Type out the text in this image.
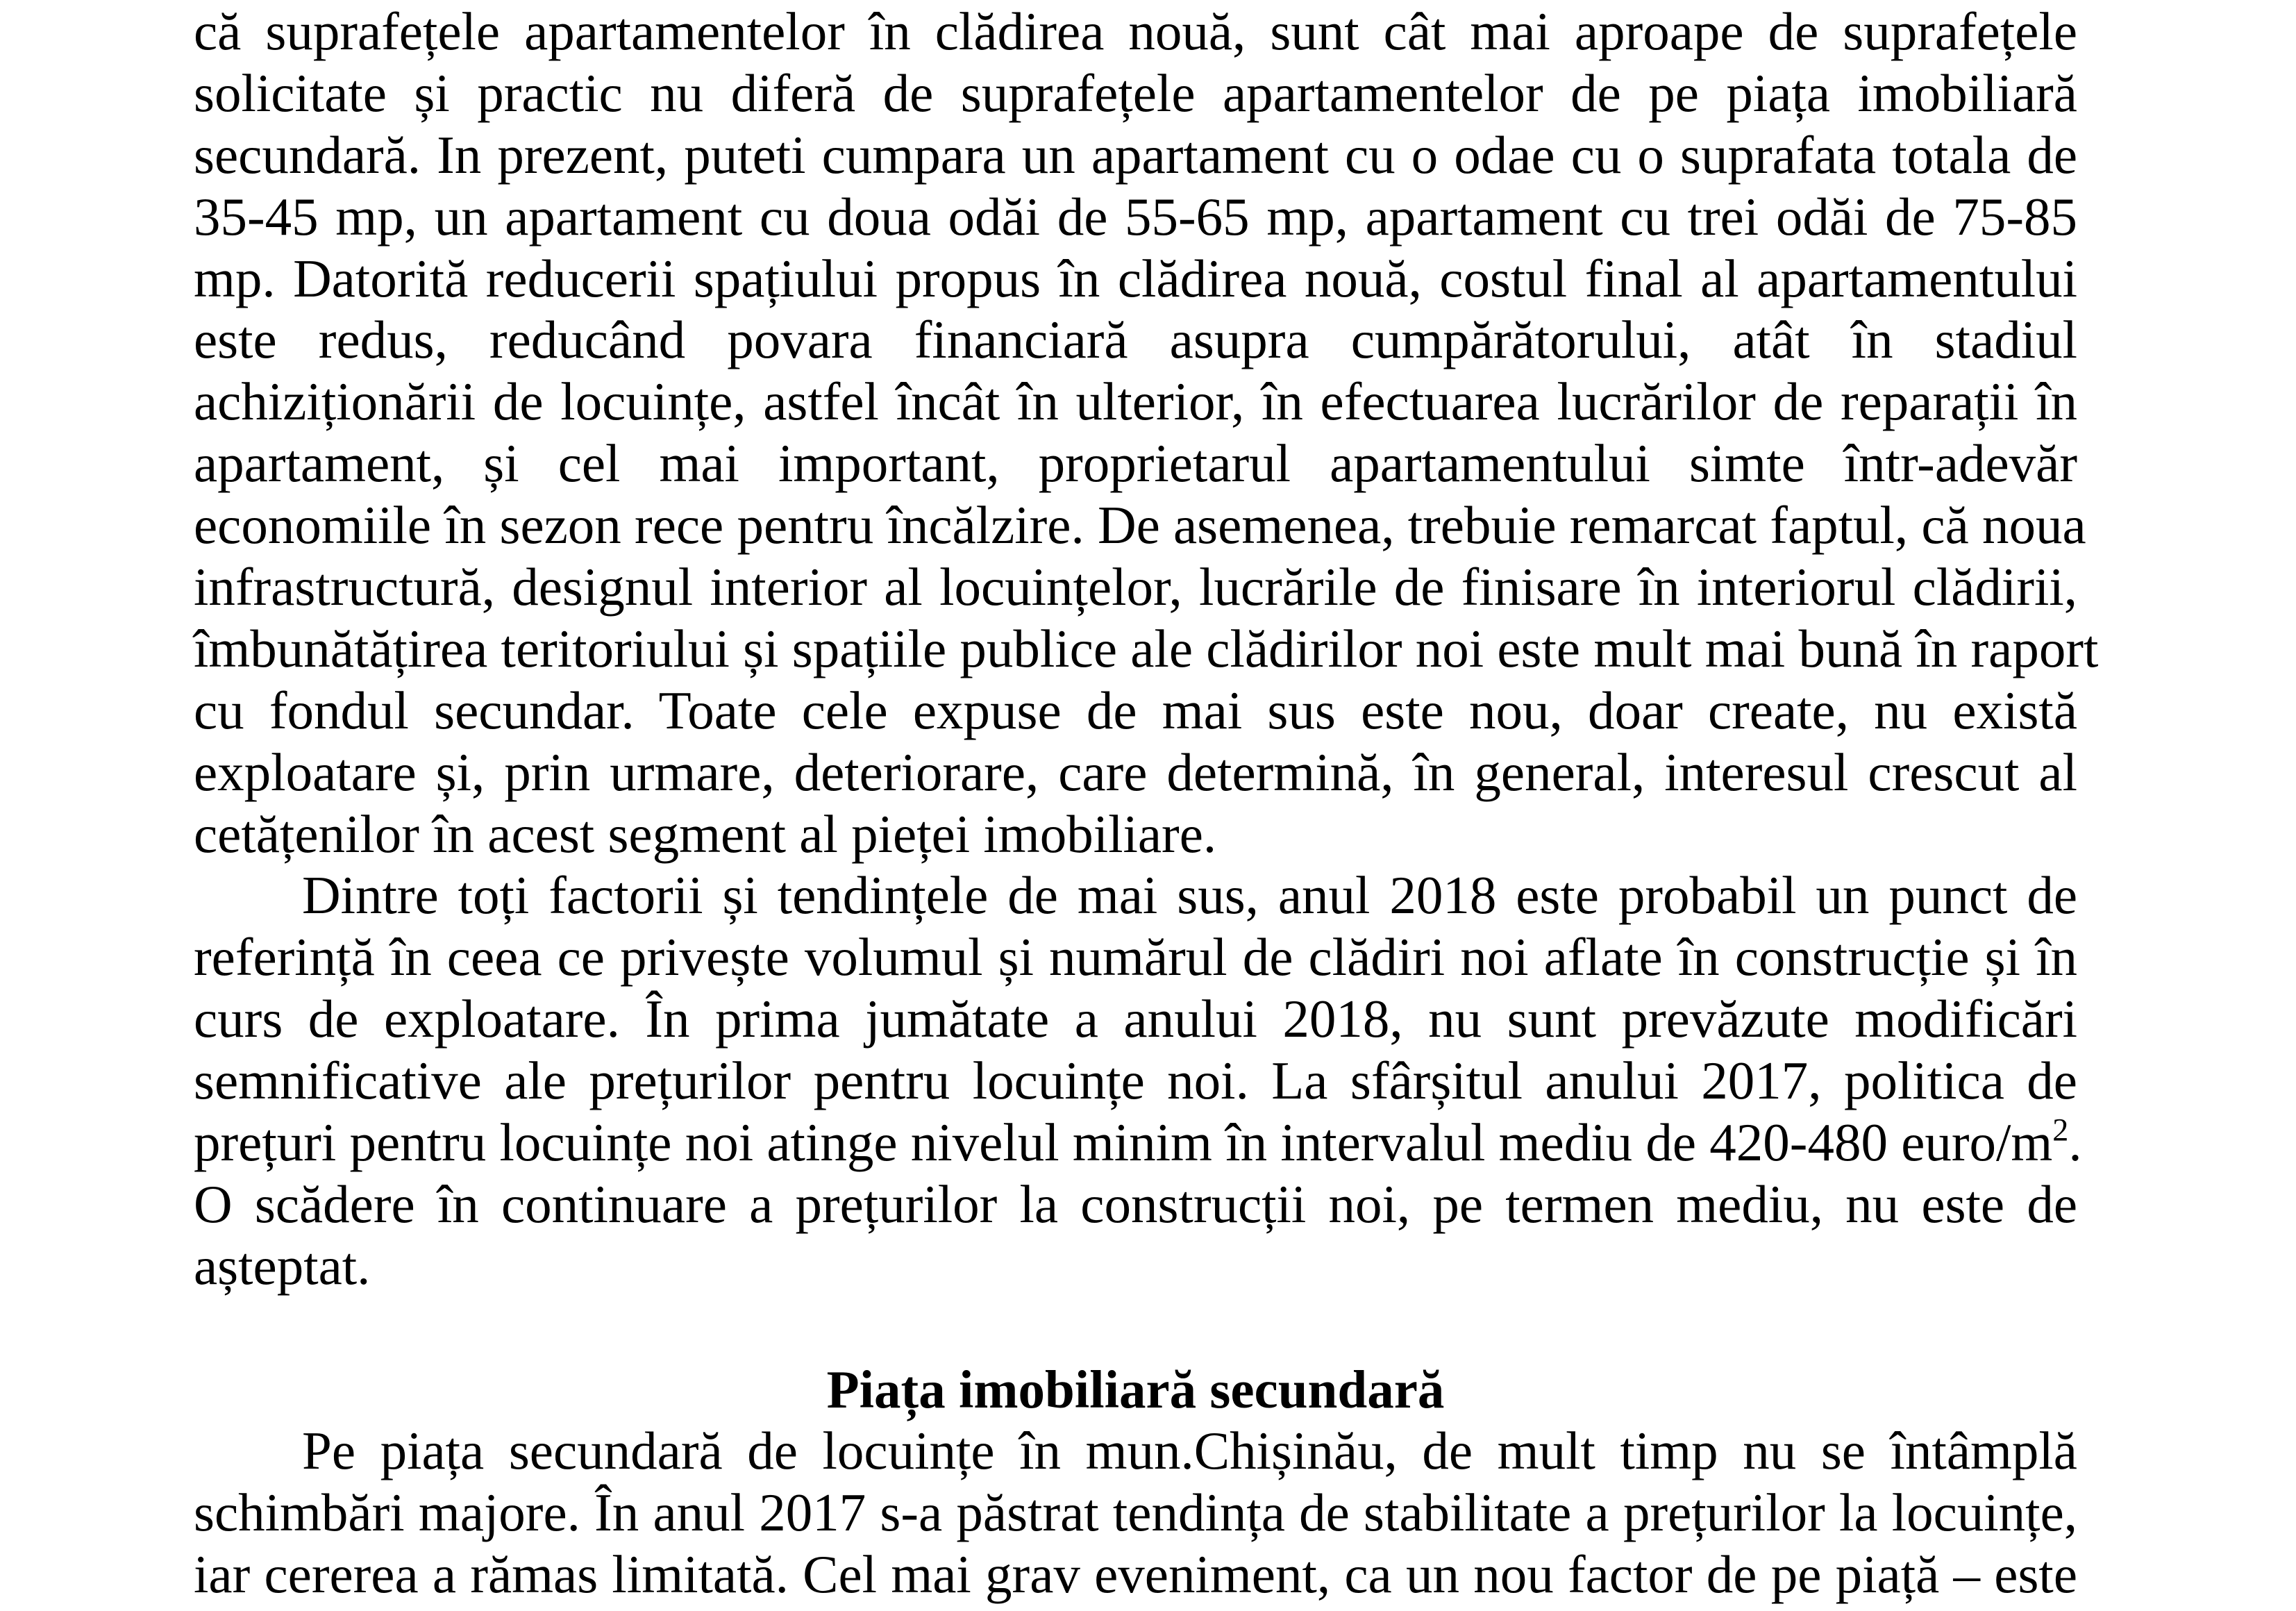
că suprafețele apartamentelor în clădirea nouă, sunt cât mai aproape de suprafețele
solicitate și practic nu diferă de suprafețele apartamentelor de pe piața imobiliară
secundară. In prezent, puteti cumpara un apartament cu o odae cu o suprafata totala de
35-45 mp, un apartament cu doua odăi de 55-65 mp, apartament cu trei odăi de 75-85
mp. Datorită reducerii spațiului propus în clădirea nouă, costul final al apartamentului
este redus, reducând povara financiară asupra cumpărătorului, atât în stadiul
achiziționării de locuințe, astfel încât în ulterior, în efectuarea lucrărilor de reparații în
apartament, și cel mai important, proprietarul apartamentului simte într-adevăr
economiile în sezon rece pentru încălzire. De asemenea, trebuie remarcat faptul, că noua
infrastructură, designul interior al locuințelor, lucrările de finisare în interiorul clădirii,
îmbunătățirea teritoriului și spațiile publice ale clădirilor noi este mult mai bună în raport
cu fondul secundar. Toate cele expuse de mai sus este nou, doar create, nu există
exploatare și, prin urmare, deteriorare, care determină, în general, interesul crescut al
cetățenilor în acest segment al pieței imobiliare.
Dintre toți factorii și tendințele de mai sus, anul 2018 este probabil un punct de
referință în ceea ce privește volumul și numărul de clădiri noi aflate în construcție și în
curs de exploatare. În prima jumătate a anului 2018, nu sunt prevăzute modificări
semnificative ale prețurilor pentru locuințe noi. La sfârșitul anului 2017, politica de
prețuri pentru locuințe noi atinge nivelul minim în intervalul mediu de 420-480 euro/$m^2$.
O scădere în continuare a prețurilor la construcții noi, pe termen mediu, nu este de
așteptat.
Piața imobiliară secundară
Pe piața secundară de locuințe în mun.Chișinău, de mult timp nu se întâmplă
schimbări majore. În anul 2017 s-a păstrat tendința de stabilitate a prețurilor la locuințe,
iar cererea a rămas limitată. Cel mai grav eveniment, ca un nou factor de pe piață – este
